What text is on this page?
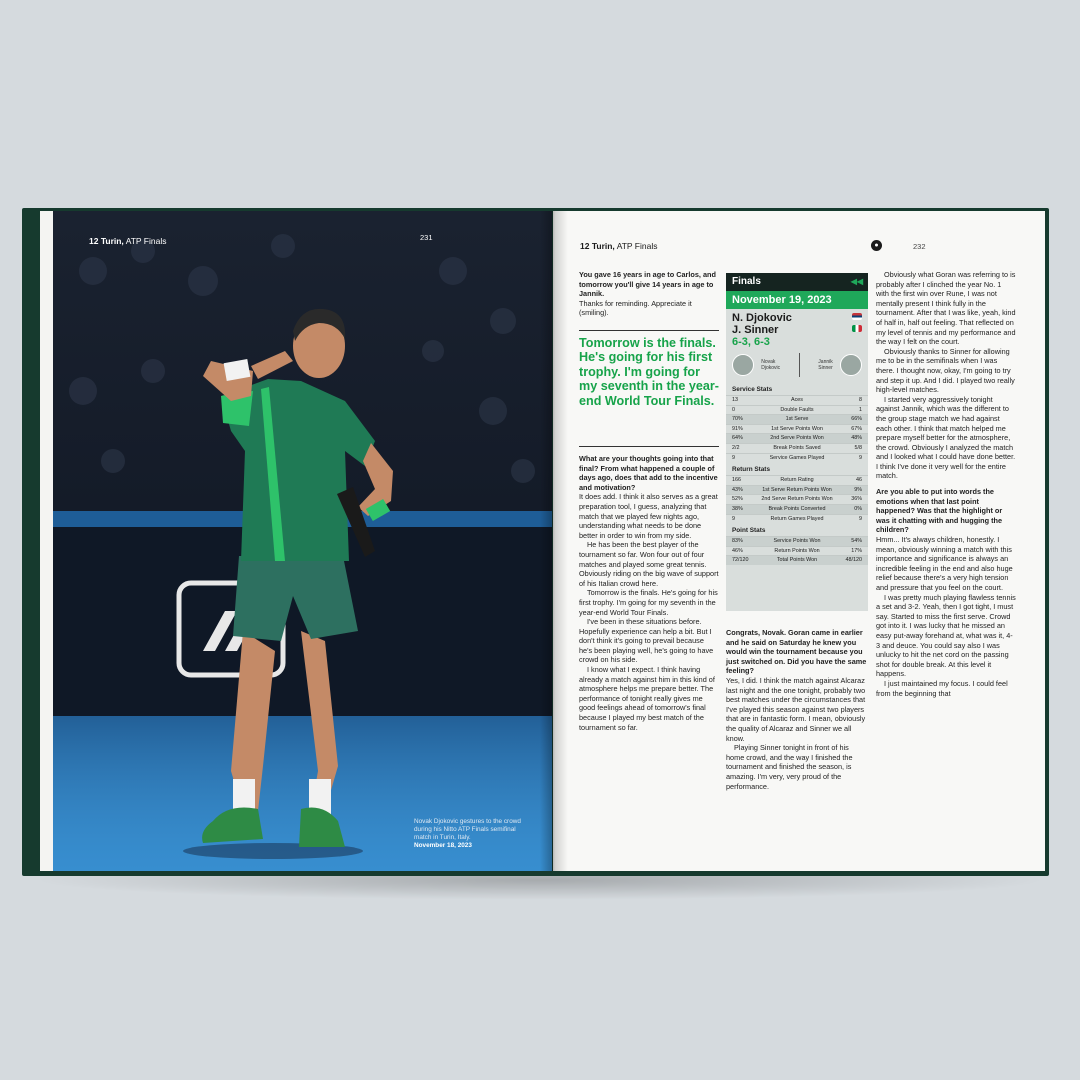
12 Turin, ATP Finals	231
Novak Djokovic gestures to the crowd during his Nitto ATP Finals semifinal match in Turin, Italy.
November 18, 2023
12 Turin, ATP Finals	●	232

You gave 16 years in age to Carlos, and tomorrow you'll give 14 years in age to Jannik.

Thanks for reminding. Appreciate it (smiling).

Tomorrow is the finals. He's going for his first trophy. I'm going for my seventh in the year-end World Tour Finals.

What are your thoughts going into that final? From what happened a couple of days ago, does that add to the incentive and motivation?

It does add. I think it also serves as a great preparation tool, I guess, analyzing that match that we played few nights ago, understanding what needs to be done better in order to win from my side.

He has been the best player of the tournament so far. Won four out of four matches and played some great tennis. Obviously riding on the big wave of support of his Italian crowd here.

Tomorrow is the finals. He's going for his first trophy. I'm going for my seventh in the year-end World Tour Finals.

I've been in these situations before. Hopefully experience can help a bit. But I don't think it's going to prevail because he's been playing well, he's going to have crowd on his side.

I know what I expect. I think having already a match against him in this kind of atmosphere helps me prepare better. The performance of tonight really gives me good feelings ahead of tomorrow's final because I played my best match of the tournament so far.

Finals	◀◀
November 19, 2023
N. Djokovic
J. Sinner
6-3, 6-3
Novak Djokovic
Jannik Sinner
Service Stats
13	Aces	8
0	Double Faults	1
70%	1st Serve	66%
91%	1st Serve Points Won	67%
64%	2nd Serve Points Won	48%
2/2	Break Points Saved	5/8
9	Service Games Played	9
Return Stats
166	Return Rating	46
43%	1st Serve Return Points Won	9%
52%	2nd Serve Return Points Won	36%
38%	Break Points Converted	0%
9	Return Games Played	9
Point Stats
83%	Service Points Won	54%
46%	Return Points Won	17%
72/120	Total Points Won	48/120

Congrats, Novak. Goran came in earlier and he said on Saturday he knew you would win the tournament because you just switched on. Did you have the same feeling?

Yes, I did. I think the match against Alcaraz last night and the one tonight, probably two best matches under the circumstances that I've played this season against two players that are in fantastic form. I mean, obviously the quality of Alcaraz and Sinner we all know.

Playing Sinner tonight in front of his home crowd, and the way I finished the tournament and finished the season, is amazing. I'm very, very proud of the performance.

Obviously what Goran was referring to is probably after I clinched the year No. 1 with the first win over Rune, I was not mentally present I think fully in the tournament. After that I was like, yeah, kind of half in, half out feeling. That reflected on my level of tennis and my performance and the way I felt on the court.

Obviously thanks to Sinner for allowing me to be in the semifinals when I was there. I thought now, okay, I'm going to try and step it up. And I did. I played two really high-level matches.

I started very aggressively tonight against Jannik, which was the different to the group stage match we had against each other. I think that match helped me prepare myself better for the atmosphere, the crowd. Obviously I analyzed the match and I looked what I could have done better. I think I've done it very well for the entire match.

Are you able to put into words the emotions when that last point happened? Was that the highlight or was it chatting with and hugging the children?

Hmm... It's always children, honestly. I mean, obviously winning a match with this importance and significance is always an incredible feeling in the end and also huge relief because there's a very high tension and pressure that you feel on the court.

I was pretty much playing flawless tennis a set and 3-2. Yeah, then I got tight, I must say. Started to miss the first serve. Crowd got into it. I was lucky that he missed an easy put-away forehand at, what was it, 4-3 and deuce. You could say also I was unlucky to hit the net cord on the passing shot for double break. At this level it happens.

I just maintained my focus. I could feel from the beginning that
